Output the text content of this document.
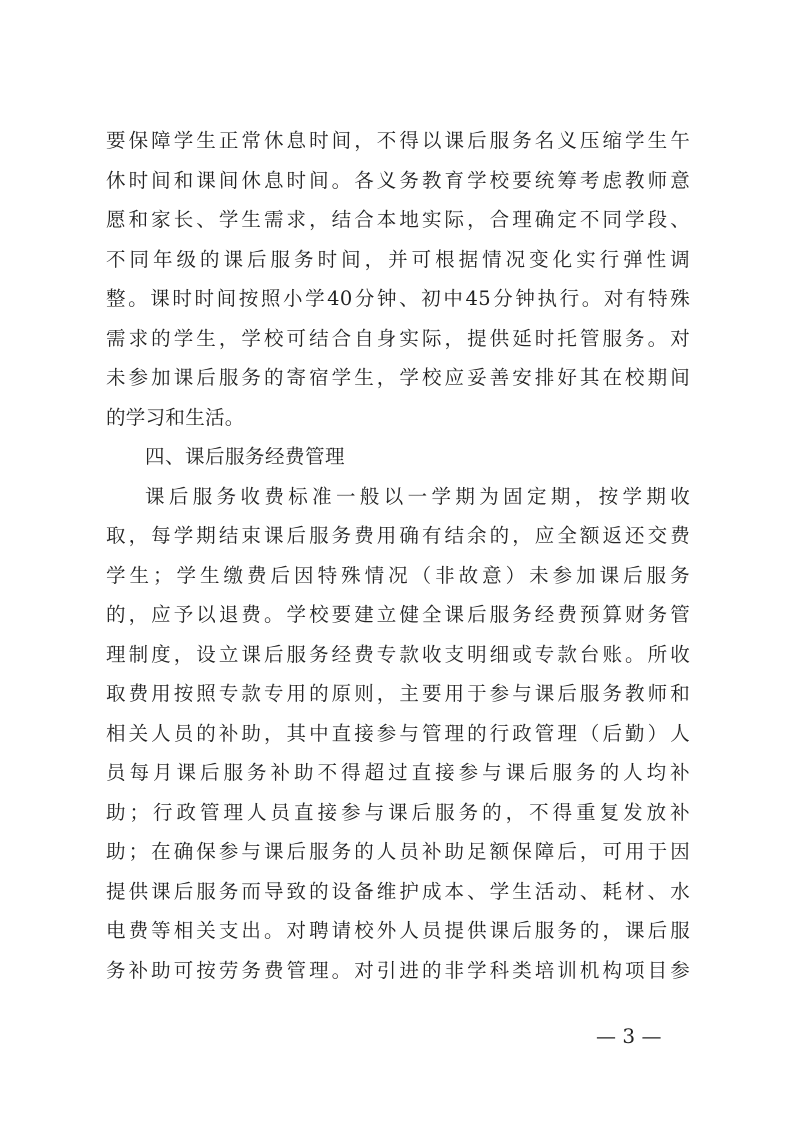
要保障学生正常休息时间，不得以课后服务名义压缩学生午
休时间和课间休息时间。各义务教育学校要统筹考虑教师意
愿和家长、学生需求，结合本地实际，合理确定不同学段、
不同年级的课后服务时间，并可根据情况变化实行弹性调
整。课时时间按照小学40分钟、初中45分钟执行。对有特殊
需求的学生，学校可结合自身实际，提供延时托管服务。对
未参加课后服务的寄宿学生，学校应妥善安排好其在校期间
的学习和生活。
四、课后服务经费管理
课后服务收费标准一般以一学期为固定期，按学期收
取，每学期结束课后服务费用确有结余的，应全额返还交费
学生；学生缴费后因特殊情况（非故意）未参加课后服务
的，应予以退费。学校要建立健全课后服务经费预算财务管
理制度，设立课后服务经费专款收支明细或专款台账。所收
取费用按照专款专用的原则，主要用于参与课后服务教师和
相关人员的补助，其中直接参与管理的行政管理（后勤）人
员每月课后服务补助不得超过直接参与课后服务的人均补
助；行政管理人员直接参与课后服务的，不得重复发放补
助；在确保参与课后服务的人员补助足额保障后，可用于因
提供课后服务而导致的设备维护成本、学生活动、耗材、水
电费等相关支出。对聘请校外人员提供课后服务的，课后服
务补助可按劳务费管理。对引进的非学科类培训机构项目参
— 3 —
